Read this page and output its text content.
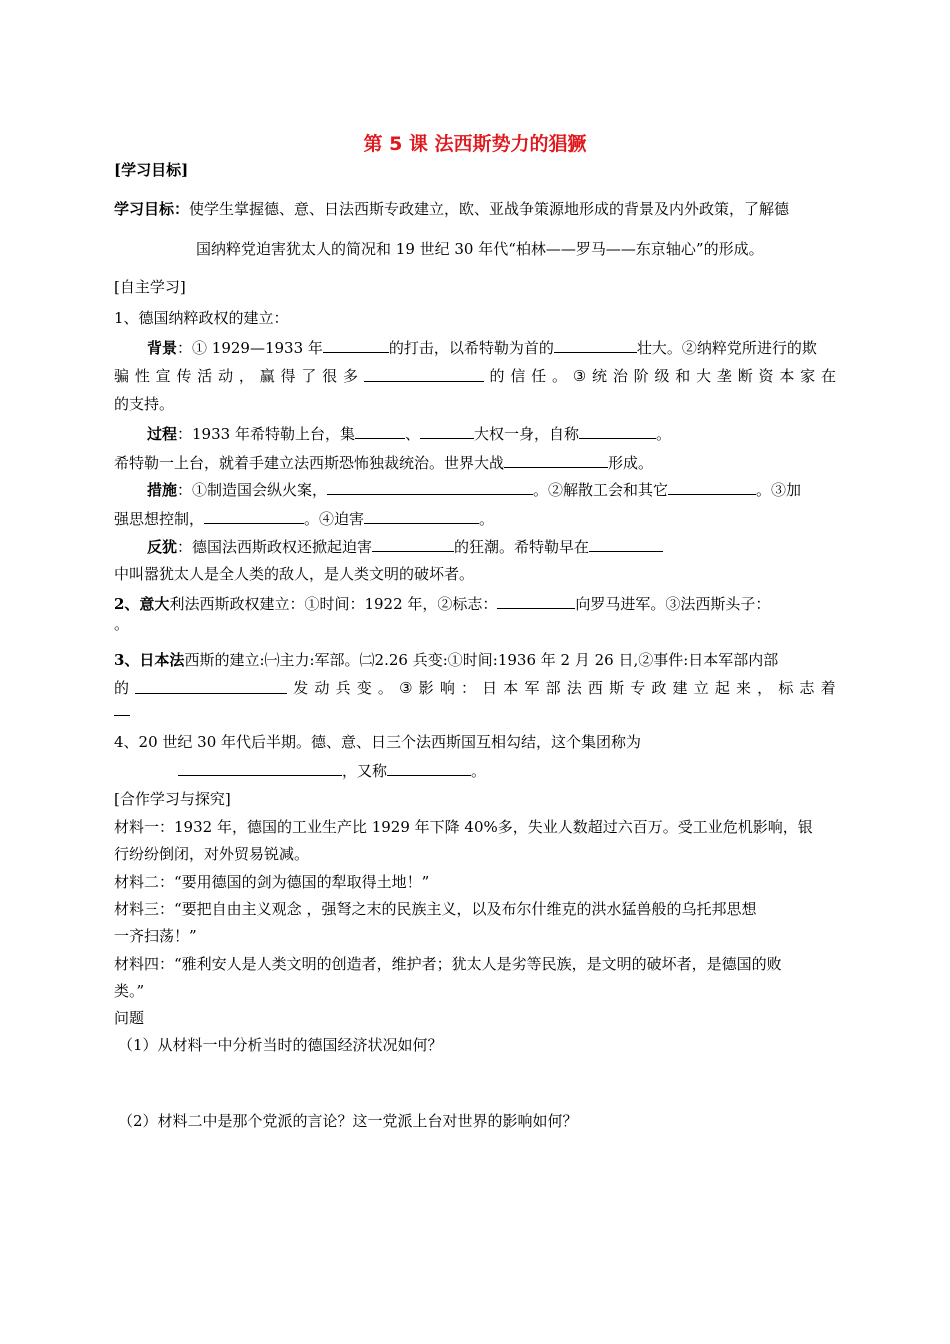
第 5 课 法西斯势力的猖獗
[学习目标]
学习目标：使学生掌握德、意、日法西斯专政建立，欧、亚战争策源地形成的背景及内外政策，了解德
国纳粹党迫害犹太人的简况和 19 世纪 30 年代“柏林——罗马——东京轴心”的形成。
[自主学习]
1、德国纳粹政权的建立：
背景：① 1929—1933 年	的打击，以希特勒为首的	壮大。②纳粹党所进行的欺
骗 性 宣 传 活 动 ， 赢 得 了 很 多	的 信 任 。 ③ 统 治 阶 级 和 大 垄 断 资 本 家 在
的支持。
过程：1933 年希特勒上台，集	、	大权一身，自称	。
希特勒一上台，就着手建立法西斯恐怖独裁统治。世界大战	形成。
措施：①制造国会纵火案，	。②解散工会和其它	。③加
强思想控制，	。④迫害	。
反犹：德国法西斯政权还掀起迫害	的狂潮。希特勒早在
中叫嚣犹太人是全人类的敌人，是人类文明的破坏者。
2、意大利法西斯政权建立：①时间：1922 年，②标志：	向罗马进军。③法西斯头子：
。
3、日本法西斯的建立:㈠主力:军部。㈡2.26 兵变:①时间:1936 年 2 月 26 日,②事件:日本军部内部
的	发 动 兵 变 。 ③ 影 响 ： 日 本 军 部 法 西 斯 专 政 建 立 起 来 ， 标 志 着
4、20 世纪 30 年代后半期。德、意、日三个法西斯国互相勾结，这个集团称为
，又称	。
[合作学习与探究]
材料一：1932 年，德国的工业生产比 1929 年下降 40%多，失业人数超过六百万。受工业危机影响，银
行纷纷倒闭，对外贸易锐减。
材料二：“要用德国的剑为德国的犁取得土地！”
材料三：“要把自由主义观念 ，强弩之末的民族主义，以及布尔什维克的洪水猛兽般的乌托邦思想
一齐扫荡！”
材料四：“雅利安人是人类文明的创造者，维护者；犹太人是劣等民族，是文明的破坏者，是德国的败
类。”
问题
（1）从材料一中分析当时的德国经济状况如何？
（2）材料二中是那个党派的言论？这一党派上台对世界的影响如何？
